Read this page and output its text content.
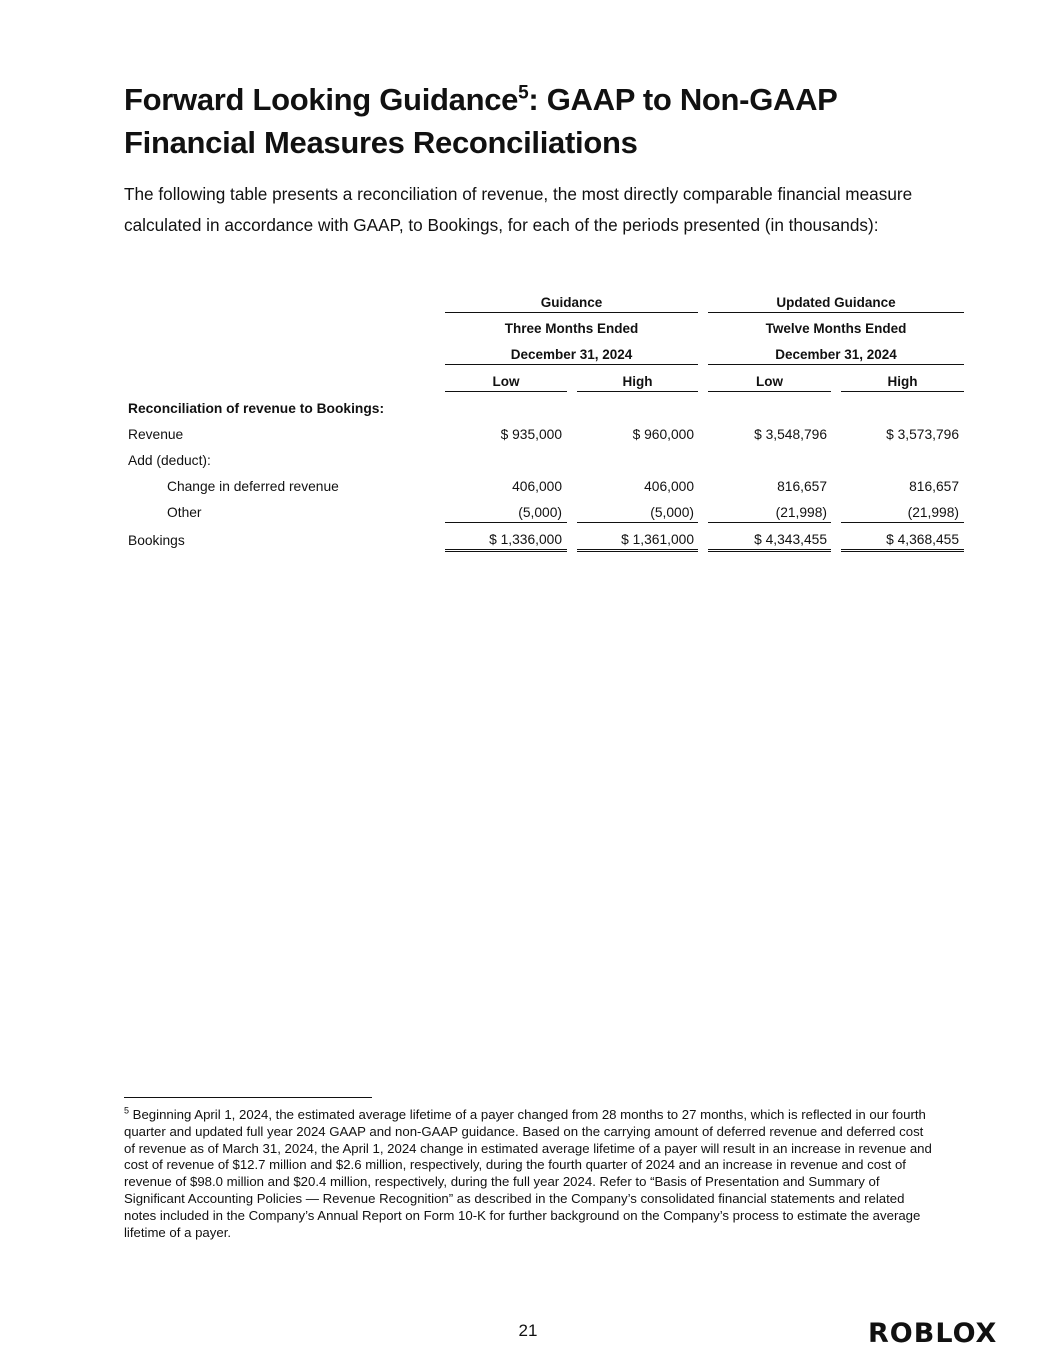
Forward Looking Guidance$^5$: GAAP to Non-GAAP Financial Measures Reconciliations

The following table presents a reconciliation of revenue, the most directly comparable financial measure calculated in accordance with GAAP, to Bookings, for each of the periods presented (in thousands):

Guidance	Updated Guidance
Three Months Ended	Twelve Months Ended
December 31, 2024	December 31, 2024
Low	High	Low	High
Reconciliation of revenue to Bookings:
Revenue	$ 935,000	$ 960,000	$ 3,548,796	$ 3,573,796
Add (deduct):
Change in deferred revenue	406,000	406,000	816,657	816,657
Other	(5,000)	(5,000)	(21,998)	(21,998)
Bookings	$ 1,336,000	$ 1,361,000	$ 4,343,455	$ 4,368,455

$^5$ Beginning April 1, 2024, the estimated average lifetime of a payer changed from 28 months to 27 months, which is reflected in our fourth quarter and updated full year 2024 GAAP and non-GAAP guidance. Based on the carrying amount of deferred revenue and deferred cost of revenue as of March 31, 2024, the April 1, 2024 change in estimated average lifetime of a payer will result in an increase in revenue and cost of revenue of $12.7 million and $2.6 million, respectively, during the fourth quarter of 2024 and an increase in revenue and cost of revenue of $98.0 million and $20.4 million, respectively, during the full year 2024. Refer to “Basis of Presentation and Summary of Significant Accounting Policies — Revenue Recognition” as described in the Company’s consolidated financial statements and related notes included in the Company’s Annual Report on Form 10-K for further background on the Company’s process to estimate the average lifetime of a payer.

21	ROBLOX
